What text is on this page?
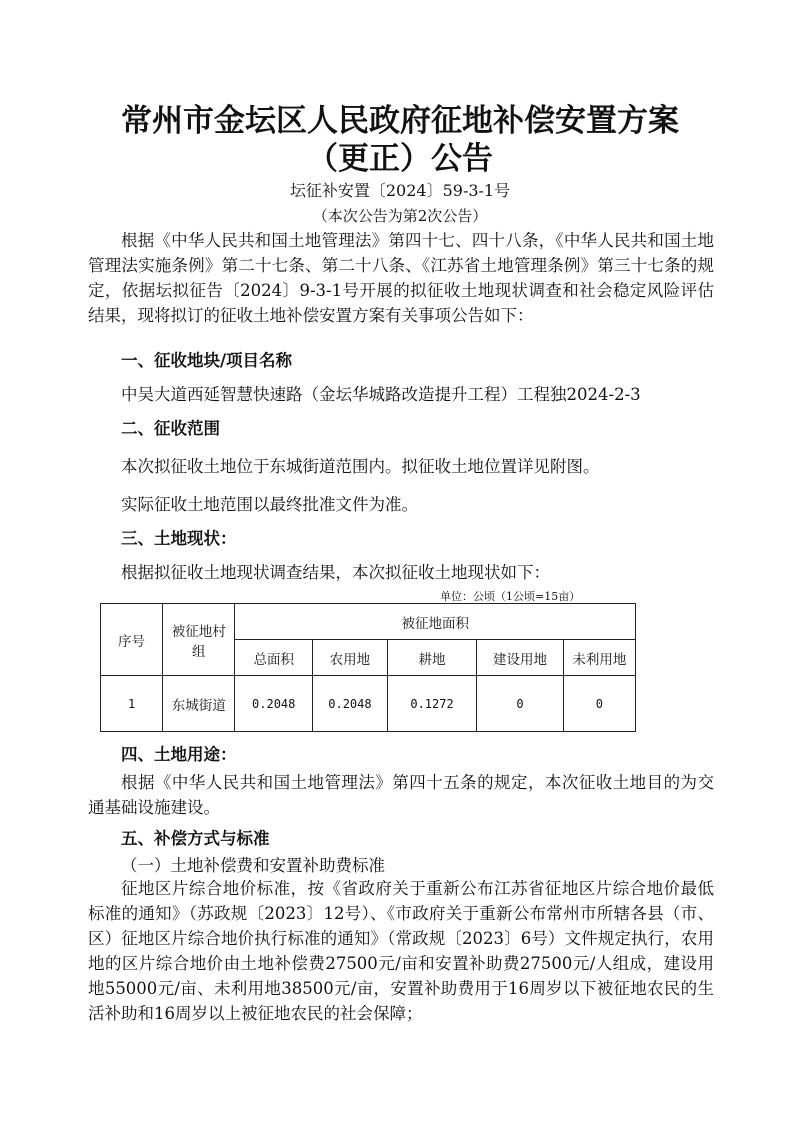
常州市金坛区人民政府征地补偿安置方案
（更正）公告
坛征补安置〔2024〕59-3-1号
（本次公告为第2次公告）
根据《中华人民共和国土地管理法》第四十七、四十八条，《中华人民共和国土地管理法实施条例》第二十七条、第二十八条、《江苏省土地管理条例》第三十七条的规定，依据坛拟征告〔2024〕9-3-1号开展的拟征收土地现状调查和社会稳定风险评估结果，现将拟订的征收土地补偿安置方案有关事项公告如下：
一、征收地块/项目名称
中吴大道西延智慧快速路（金坛华城路改造提升工程）工程独2024-2-3
二、征收范围
本次拟征收土地位于东城街道范围内。拟征收土地位置详见附图。
实际征收土地范围以最终批准文件为准。
三、土地现状：
根据拟征收土地现状调查结果，本次拟征收土地现状如下：
单位：公顷（1公顷=15亩）
序号	被征地村组	被征地面积				
		总面积	农用地	耕地	建设用地	未利用地
1	东城街道	0.2048	0.2048	0.1272	0	0
四、土地用途：
根据《中华人民共和国土地管理法》第四十五条的规定，本次征收土地目的为交通基础设施建设。
五、补偿方式与标准
（一）土地补偿费和安置补助费标准
征地区片综合地价标准，按《省政府关于重新公布江苏省征地区片综合地价最低标准的通知》（苏政规〔2023〕12号）、《市政府关于重新公布常州市所辖各县（市、区）征地区片综合地价执行标准的通知》（常政规〔2023〕6号）文件规定执行，农用地的区片综合地价由土地补偿费27500元/亩和安置补助费27500元/人组成，建设用地55000元/亩、未利用地38500元/亩，安置补助费用于16周岁以下被征地农民的生活补助和16周岁以上被征地农民的社会保障；
